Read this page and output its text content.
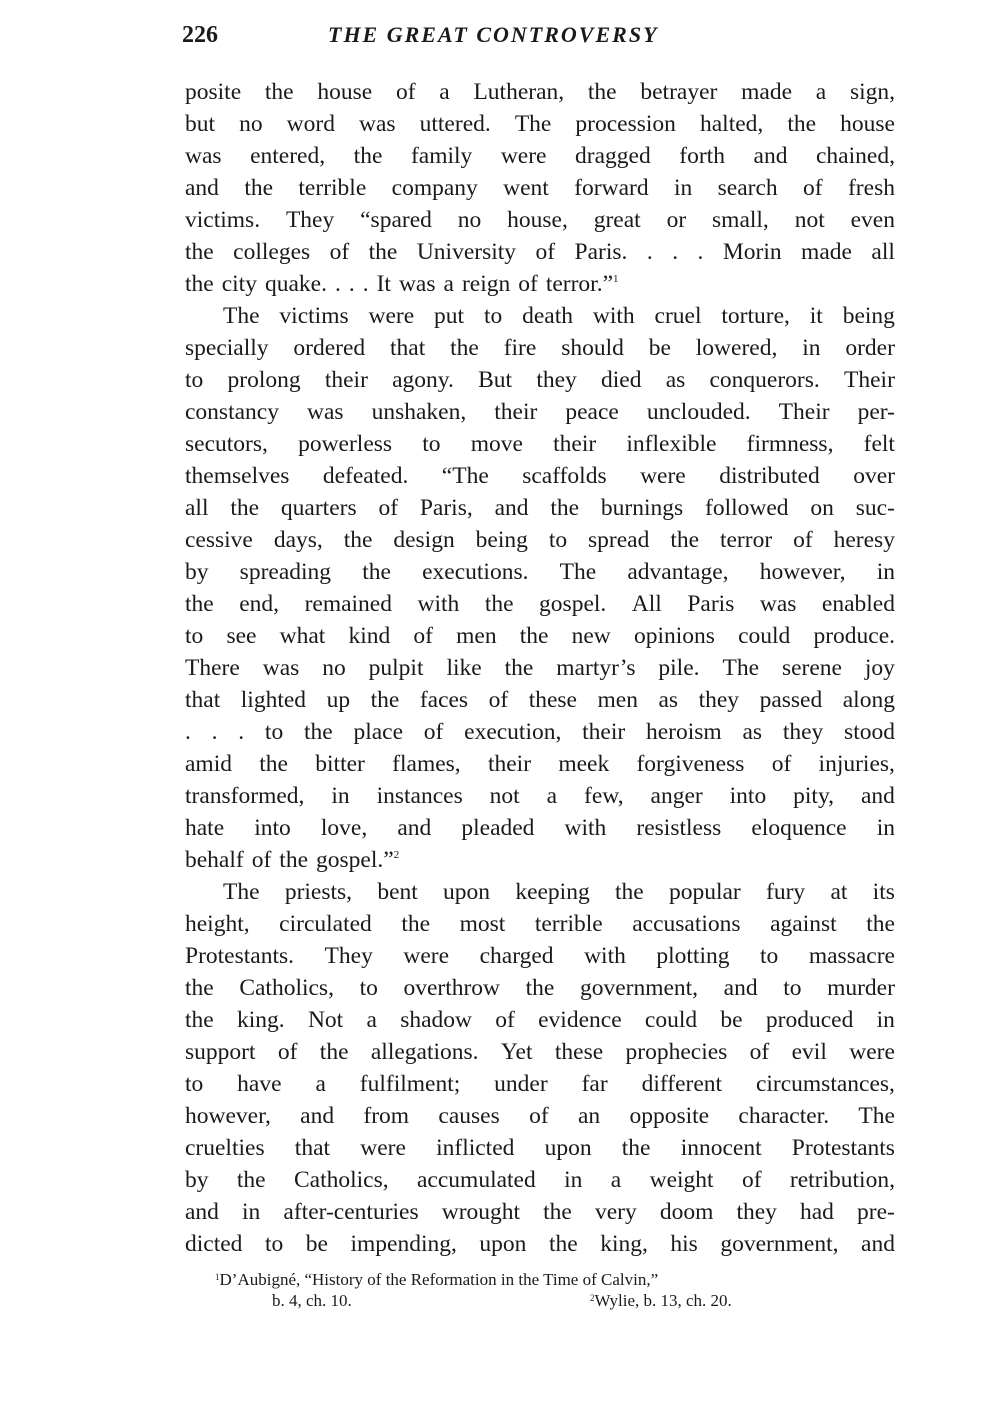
226	THE GREAT CONTROVERSY
posite the house of a Lutheran, the betrayer made a sign,
but no word was uttered. The procession halted, the house
was entered, the family were dragged forth and chained,
and the terrible company went forward in search of fresh
victims. They “spared no house, great or small, not even
the colleges of the University of Paris. . . . Morin made all
the city quake. . . . It was a reign of terror.”$^1$
The victims were put to death with cruel torture, it being
specially ordered that the fire should be lowered, in order
to prolong their agony. But they died as conquerors. Their
constancy was unshaken, their peace unclouded. Their per-
secutors, powerless to move their inflexible firmness, felt
themselves defeated. “The scaffolds were distributed over
all the quarters of Paris, and the burnings followed on suc-
cessive days, the design being to spread the terror of heresy
by spreading the executions. The advantage, however, in
the end, remained with the gospel. All Paris was enabled
to see what kind of men the new opinions could produce.
There was no pulpit like the martyr’s pile. The serene joy
that lighted up the faces of these men as they passed along
. . . to the place of execution, their heroism as they stood
amid the bitter flames, their meek forgiveness of injuries,
transformed, in instances not a few, anger into pity, and
hate into love, and pleaded with resistless eloquence in
behalf of the gospel.”$^2$
The priests, bent upon keeping the popular fury at its
height, circulated the most terrible accusations against the
Protestants. They were charged with plotting to massacre
the Catholics, to overthrow the government, and to murder
the king. Not a shadow of evidence could be produced in
support of the allegations. Yet these prophecies of evil were
to have a fulfilment; under far different circumstances,
however, and from causes of an opposite character. The
cruelties that were inflicted upon the innocent Protestants
by the Catholics, accumulated in a weight of retribution,
and in after-centuries wrought the very doom they had pre-
dicted to be impending, upon the king, his government, and
$^1$D’Aubigné, “History of the Reformation in the Time of Calvin,”
b. 4, ch. 10.	$^2$Wylie, b. 13, ch. 20.
